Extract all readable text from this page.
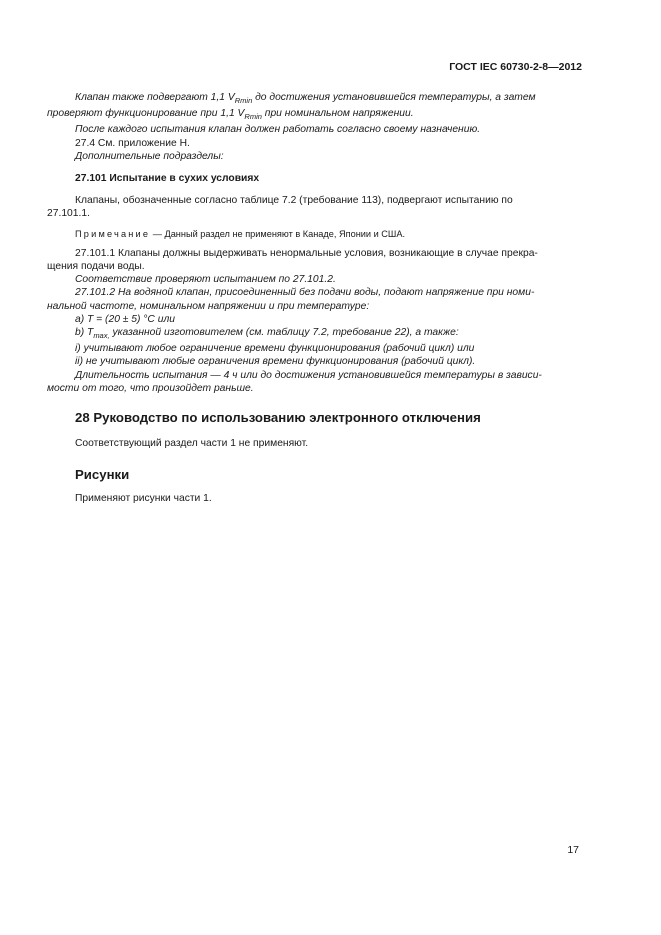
ГОСТ IEC 60730-2-8—2012

Клапан также подвергают 1,1 $V_{Rmin}$ до достижения установившейся температуры, а затем

проверяют функционирование при 1,1 $V_{Rmin}$ при номинальном напряжении.

После каждого испытания клапан должен работать согласно своему назначению.

27.4 См. приложение Н.

Дополнительные подразделы:

27.101 Испытание в сухих условиях

Клапаны, обозначенные согласно таблице 7.2 (требование 113), подвергают испытанию по

27.101.1.

Примечание — Данный раздел не применяют в Канаде, Японии и США.

27.101.1 Клапаны должны выдерживать ненормальные условия, возникающие в случае прекра-

щения подачи воды.

Соответствие проверяют испытанием по 27.101.2.

27.101.2 На водяной клапан, присоединенный без подачи воды, подают напряжение при номи-

нальной частоте, номинальном напряжении и при температуре:

a) T = (20 ± 5) °С или

b) $T_{max,}$ указанной изготовителем (см. таблицу 7.2, требование 22), а также:

i) учитывают любое ограничение времени функционирования (рабочий цикл) или

ii) не учитывают любые ограничения времени функционирования (рабочий цикл).

Длительность испытания — 4 ч или до достижения установившейся температуры в зависи-

мости от того, что произойдет раньше.

28 Руководство по использованию электронного отключения

Соответствующий раздел части 1 не применяют.

Рисунки

Применяют рисунки части 1.

17
